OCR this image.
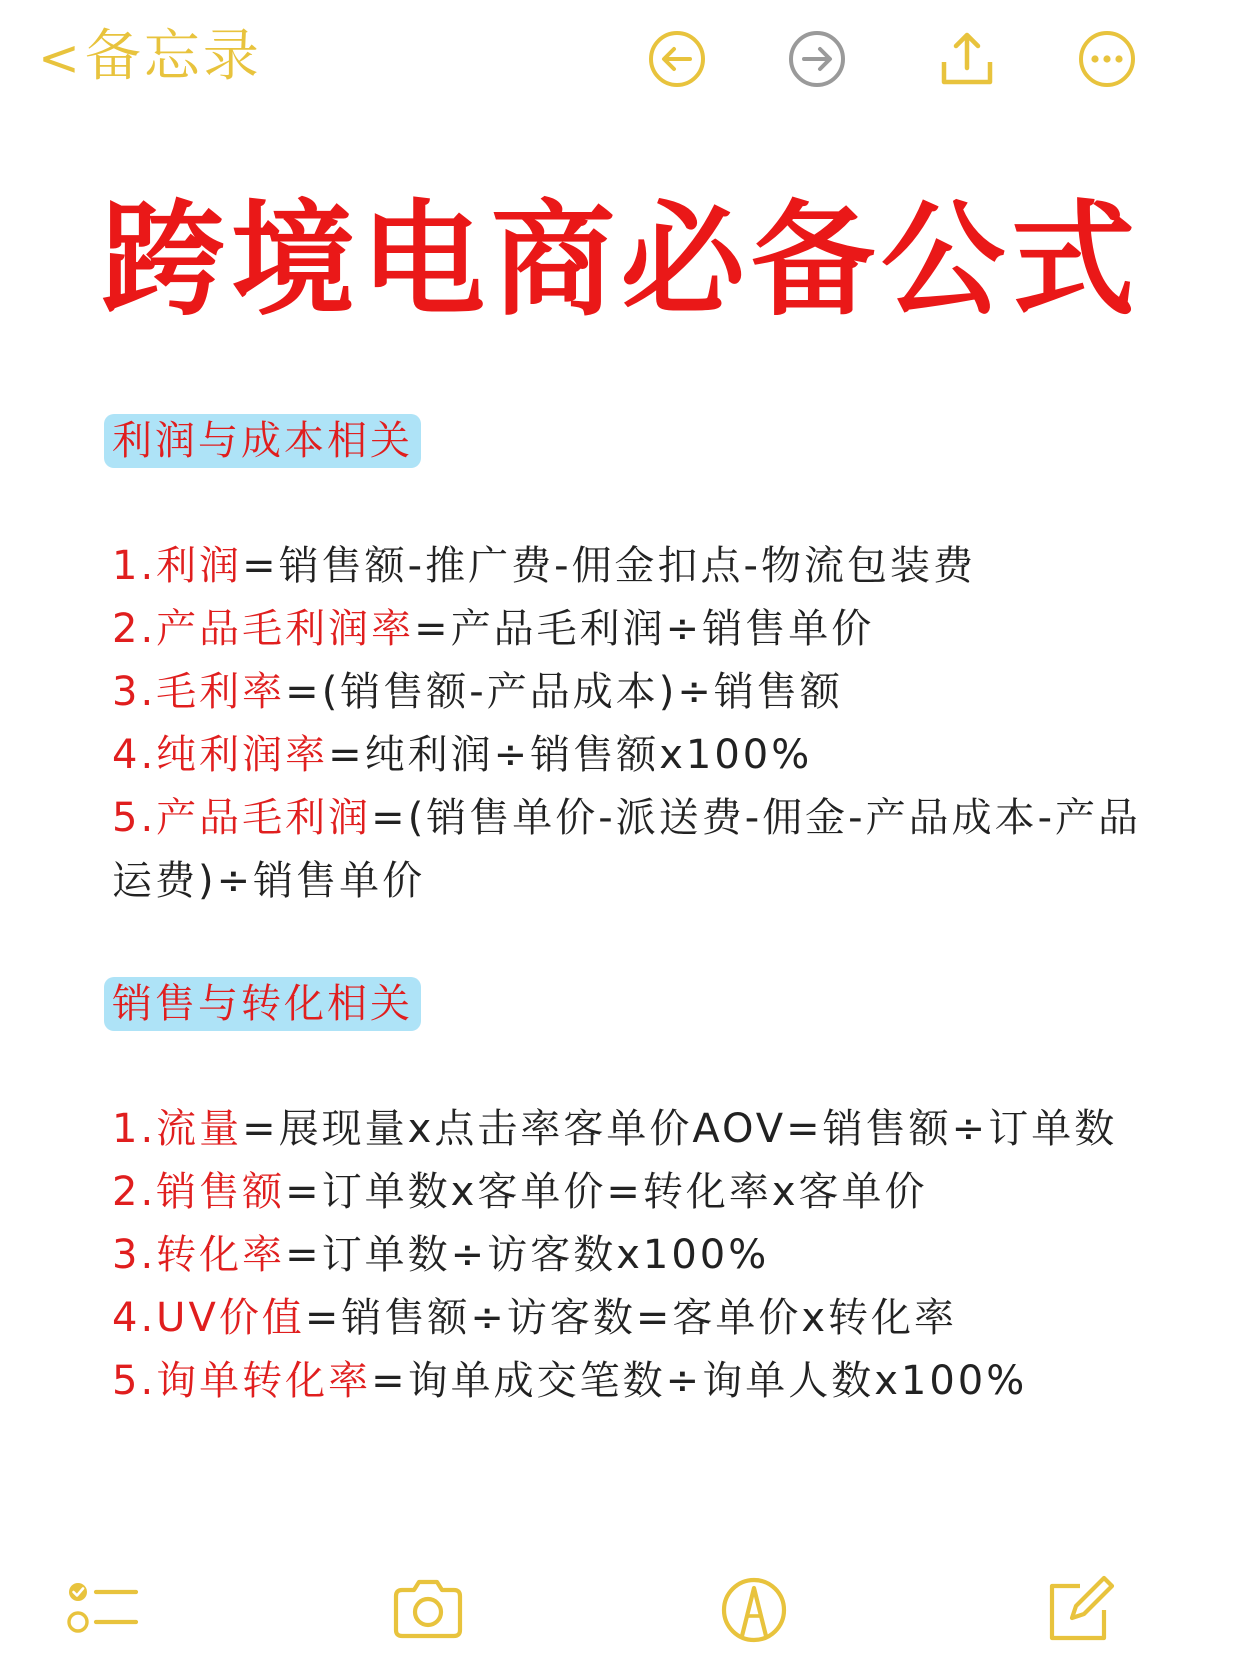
<备忘录
跨境电商必备公式
利润与成本相关
1.利润=销售额-推广费-佣金扣点-物流包装费
2.产品毛利润率=产品毛利润÷销售单价
3.毛利率=(销售额-产品成本)÷销售额
4.纯利润率=纯利润÷销售额x100%
5.产品毛利润=(销售单价-派送费-佣金-产品成本-产品
运费)÷销售单价
销售与转化相关
1.流量=展现量x点击率客单价AOV=销售额÷订单数
2.销售额=订单数x客单价=转化率x客单价
3.转化率=订单数÷访客数x100%
4.UV价值=销售额÷访客数=客单价x转化率
5.询单转化率=询单成交笔数÷询单人数x100%
